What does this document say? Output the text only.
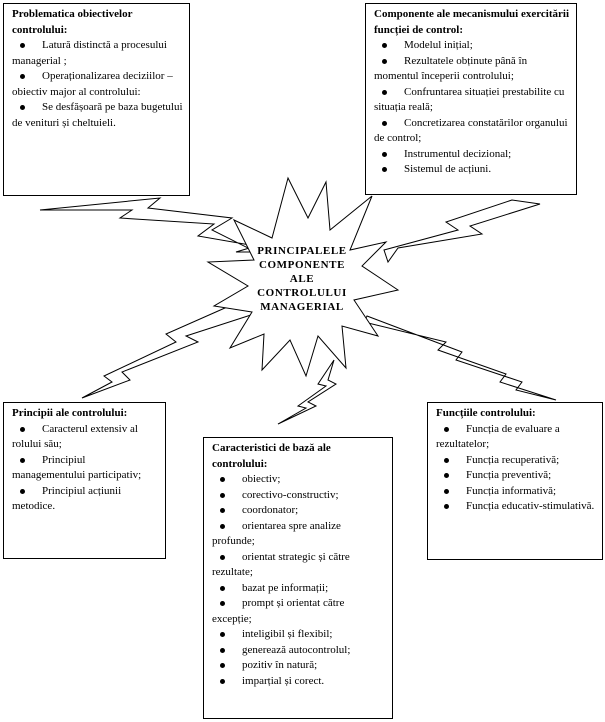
PRINCIPALELE
COMPONENTE
ALE
CONTROLULUI
MANAGERIAL
Problematica obiectivelor controlului:
Latură distinctă a procesului managerial ;
Operaționalizarea deciziilor – obiectiv major al controlului:
Se desfășoară pe baza bugetului de venituri și cheltuieli.
Componente ale mecanismului exercitării funcției de control:
Modelul inițial;
Rezultatele obținute până în momentul începerii controlului;
Confruntarea situației prestabilite cu situația reală;
Concretizarea constatărilor organului de control;
Instrumentul decizional;
Sistemul de acțiuni.
Principii ale controlului:
Caracterul extensiv al rolului său;
Principiul managementului participativ;
Principiul acțiunii metodice.
Caracteristici de bază ale controlului:
obiectiv;
corectivo-constructiv;
coordonator;
orientarea spre analize profunde;
orientat strategic și către rezultate;
bazat pe informații;
prompt și orientat către excepție;
inteligibil și flexibil;
generează autocontrolul;
pozitiv în natură;
imparțial și corect.
Funcțiile controlului:
Funcția de evaluare a rezultatelor;
Funcția recuperativă;
Funcția preventivă;
Funcția informativă;
Funcția educativ-stimulativă.
